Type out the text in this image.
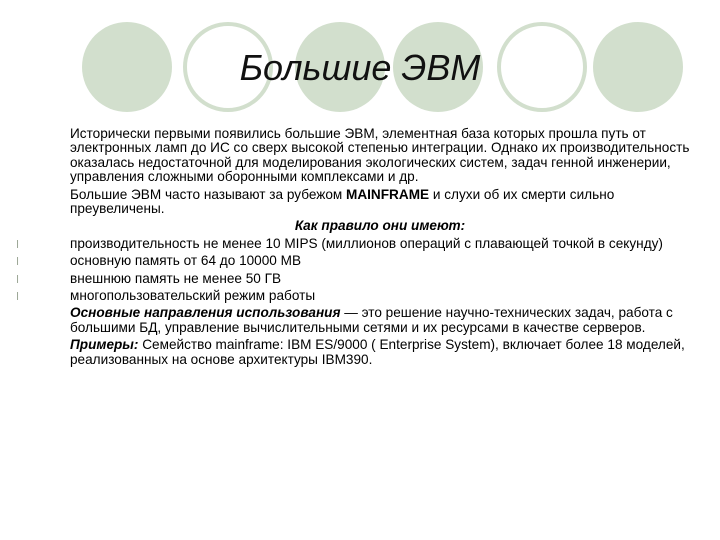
Большие ЭВМ

Исторически первыми появились большие ЭВМ, элементная база которых прошла путь от электронных ламп до ИС со сверх высокой степенью интеграции. Однако их производительность оказалась недостаточной для моделирования экологических систем, задач генной инженерии, управления сложными оборонными комплексами и др.

Большие ЭВМ часто называют за рубежом MAINFRAME и слухи об их смерти сильно преувеличены.

Как правило они имеют:

l	производительность не менее 10 MIPS (миллионов операций с плавающей точкой в секунду)
l	основную память от 64 до 10000 MB
l	внешнюю память не менее 50 ГВ
l	многопользовательский режим работы

Основные направления использования — это решение научно-технических задач, работа с большими БД, управление вычислительными сетями и их ресурсами в качестве серверов.

Примеры: Семейство mainframe: IBM ES/9000 ( Enterprise System), включает более 18 моделей, реализованных на основе архитектуры IBM390.
